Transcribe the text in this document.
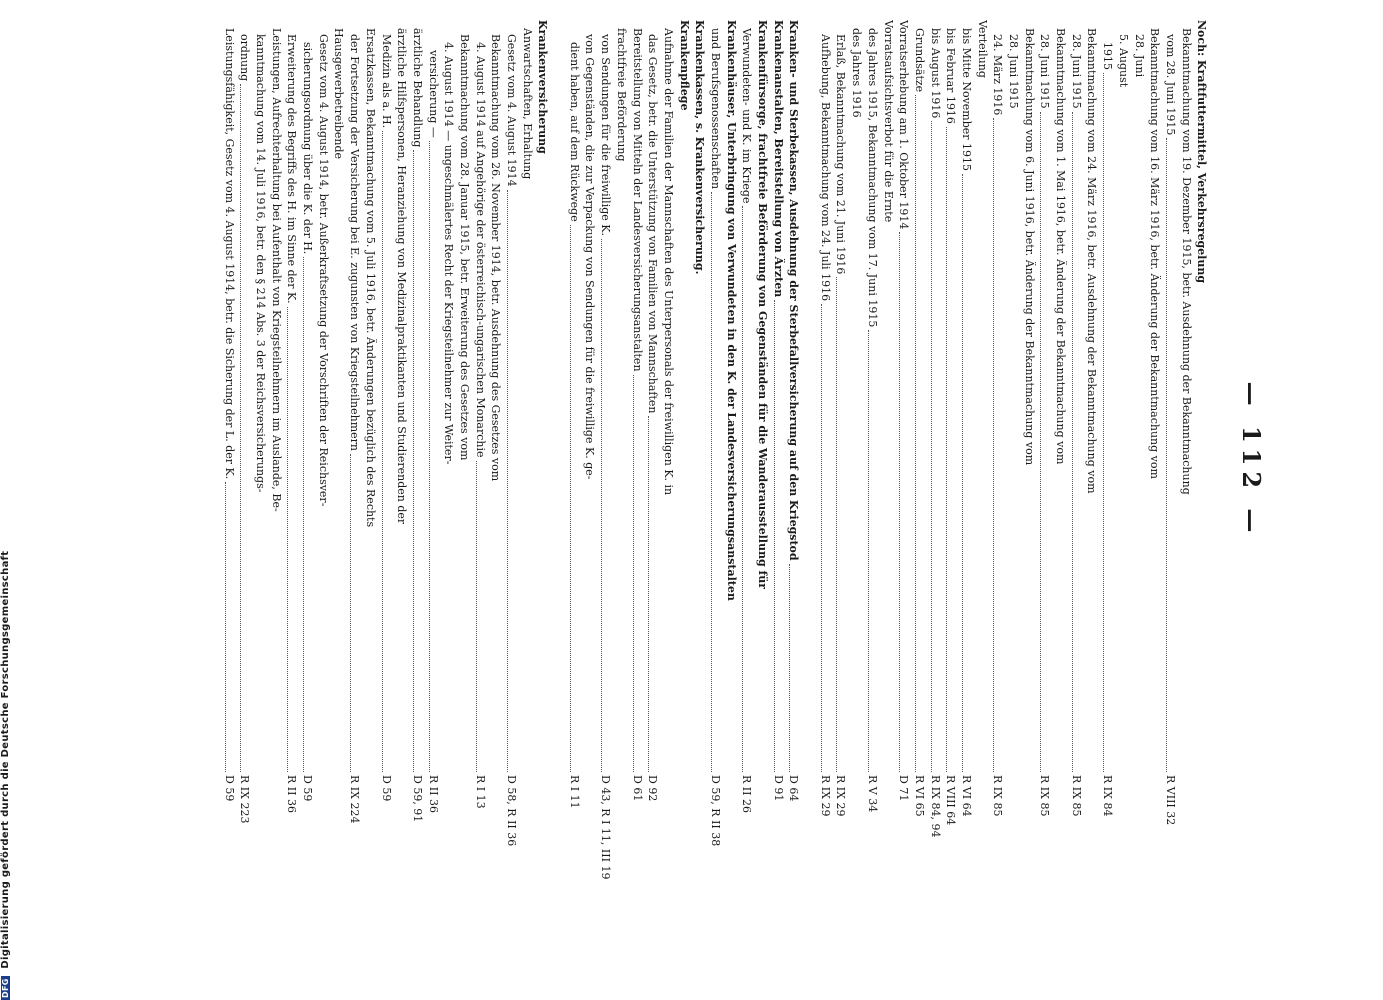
— 112 —
Noch: Kraftfuttermittel, Verkehrsregelung
Bekanntmachung vom 19. Dezember 1915, betr. Ausdehnung der Bekanntmachung
vom 28. Juni 1915
R VIII 32
Bekanntmachung vom 16. März 1916, betr. Änderung der Bekanntmachung vom
28. Juni
5. August
1915
R IX 84
Bekanntmachung vom 24. März 1916, betr. Ausdehnung der Bekanntmachung vom
28. Juni 1915
R IX 85
Bekanntmachung vom 1. Mai 1916, betr. Änderung der Bekanntmachung vom
28. Juni 1915
R IX 85
Bekanntmachung vom 6. Juni 1916, betr. Änderung der Bekanntmachung vom
28. Juni 1915
24. März 1916
R IX 85
Verteilung
bis Mitte November 1915
R VI 64
bis Februar 1916
R VIII 64
bis August 1916
R IX 84, 94
Grundsätze
R VI 65
Vorratserhebung am 1. Oktober 1914
D 71
Vorratsaufsichtsverbot für die Ernte
des Jahres 1915, Bekanntmachung vom 17. Juni 1915
R V 34
des Jahres 1916
Erlaß, Bekanntmachung vom 21. Juni 1916
R IX 29
Aufhebung, Bekanntmachung vom 24. Juli 1916
R IX 29
Kranken- und Sterbekassen, Ausdehnung der Sterbefallversicherung auf den Kriegstod
D 64
Krankenanstalten, Bereitstellung von Ärzten
D 91
Krankenfürsorge, frachtfreie Beförderung von Gegenständen für die Wanderausstellung für
Verwundeten- und K. im Kriege
R II 26
Krankenhäuser, Unterbringung von Verwundeten in den K. der Landesversicherungsanstalten
und Berufsgenossenschaften
D 59, R II 38
Krankenkassen, s. Krankenversicherung.
Krankenpflege
Aufnahme der Familien der Mannschaften des Unterpersonals der freiwilligen K. in
das Gesetz, betr. die Unterstützung von Familien von Mannschaften
D 92
Bereitstellung von Mitteln der Landesversicherungsanstalten
D 61
frachtfreie Beförderung
von Sendungen für die freiwillige K.
D 43, R I 11, III 19
von Gegenständen, die zur Verpackung von Sendungen für die freiwillige K. ge-
dient haben, auf dem Rückwege
R I 11
Krankenversicherung
Anwartschaften, Erhaltung
Gesetz vom 4. August 1914
D 58, R II 36
Bekanntmachung vom 26. November 1914, betr. Ausdehnung des Gesetzes vom
4. August 1914 auf Angehörige der österreichisch-ungarischen Monarchie
R I 13
Bekanntmachung vom 28. Januar 1915, betr. Erweiterung des Gesetzes vom
4. August 1914 — ungeschmälertes Recht der Kriegsteilnehmer zur Weiter-
versicherung —
R II 36
ärztliche Behandlung
D 59, 91
ärztliche Hilfspersonen, Heranziehung von Medizinalpraktikanten und Studierenden der
Medizin als a. H.
D 59
Ersatzkassen, Bekanntmachung vom 5. Juli 1916, betr. Änderungen bezüglich des Rechts
der Fortsetzung der Versicherung bei E. zugunsten von Kriegsteilnehmern
R IX 224
Hausgewerbetreibende
Gesetz vom 4. August 1914, betr. Außerkraftsetzung der Vorschriften der Reichsver-
sicherungsordnung über die K. der H.
D 59
Erweiterung des Begriffs des H. im Sinne der K.
R II 36
Leistungen, Aufrechterhaltung bei Aufenthalt von Kriegsteilnehmern im Auslande, Be-
kanntmachung vom 14. Juli 1916, betr. den § 214 Abs. 3 der Reichsversicherungs-
ordnung
R IX 223
Leistungsfähigkeit, Gesetz vom 4. August 1914, betr. die Sicherung der L. der K.
D 59
DFG Digitalisierung gefördert durch die Deutsche Forschungsgemeinschaft
